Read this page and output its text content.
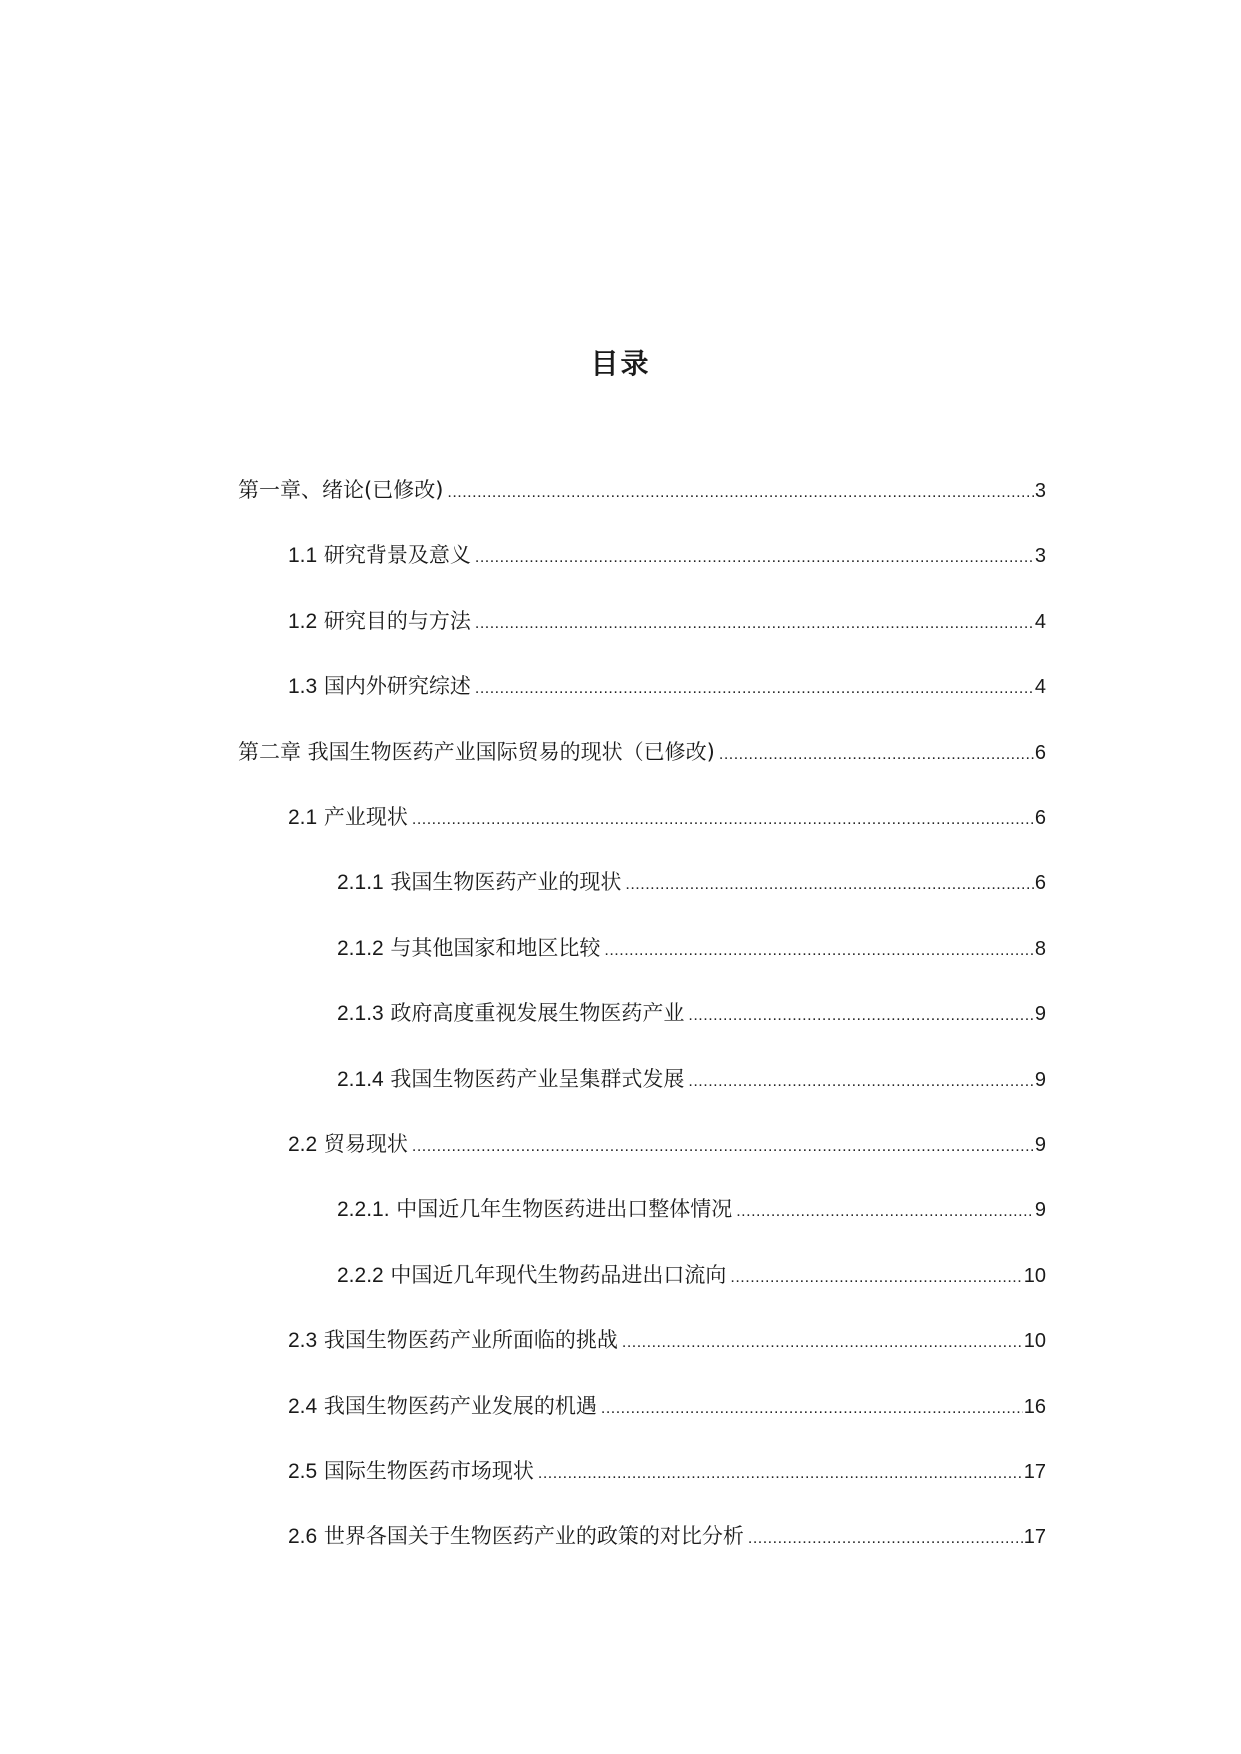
目录
第一章、绪论(已修改) .....	3
1.1 研究背景及意义 .....	3
1.2 研究目的与方法 .....	4
1.3 国内外研究综述 .....	4
第二章 我国生物医药产业国际贸易的现状（已修改) .....	6
2.1 产业现状 .....	6
2.1.1 我国生物医药产业的现状 .....	6
2.1.2 与其他国家和地区比较 .....	8
2.1.3 政府高度重视发展生物医药产业 .....	9
2.1.4 我国生物医药产业呈集群式发展 .....	9
2.2 贸易现状 .....	9
2.2.1. 中国近几年生物医药进出口整体情况 .....	9
2.2.2 中国近几年现代生物药品进出口流向 .....	10
2.3 我国生物医药产业所面临的挑战 .....	10
2.4 我国生物医药产业发展的机遇 .....	16
2.5 国际生物医药市场现状 .....	17
2.6 世界各国关于生物医药产业的政策的对比分析 .....	17
